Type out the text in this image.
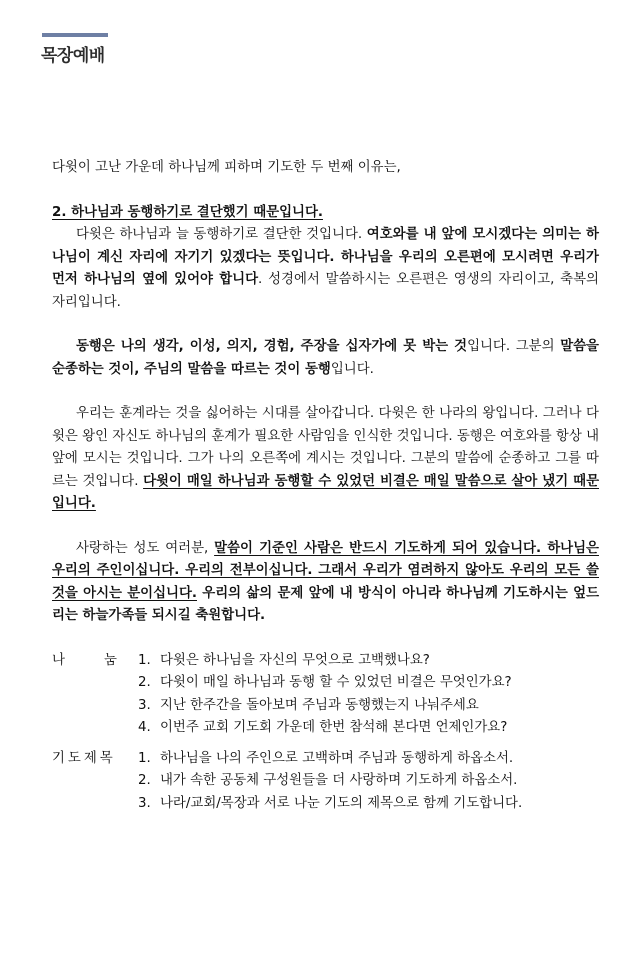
목장예배

다윗이 고난 가운데 하나님께 피하며 기도한 두 번째 이유는,

2. 하나님과 동행하기로 결단했기 때문입니다.

다윗은 하나님과 늘 동행하기로 결단한 것입니다. 여호와를 내 앞에 모시겠다는 의미는 하나님이 계신 자리에 자기기 있겠다는 뜻입니다. 하나님을 우리의 오른편에 모시려면 우리가 먼저 하나님의 옆에 있어야 합니다. 성경에서 말씀하시는 오른편은 영생의 자리이고, 축복의 자리입니다.

동행은 나의 생각, 이성, 의지, 경험, 주장을 십자가에 못 박는 것입니다. 그분의 말씀을 순종하는 것이, 주님의 말씀을 따르는 것이 동행입니다.

우리는 훈계라는 것을 싫어하는 시대를 살아갑니다. 다윗은 한 나라의 왕입니다. 그러나 다윗은 왕인 자신도 하나님의 훈계가 필요한 사람임을 인식한 것입니다. 동행은 여호와를 항상 내 앞에 모시는 것입니다. 그가 나의 오른쪽에 계시는 것입니다. 그분의 말씀에 순종하고 그를 따르는 것입니다. 다윗이 매일 하나님과 동행할 수 있었던 비결은 매일 말씀으로 살아 냈기 때문입니다.

사랑하는 성도 여러분, 말씀이 기준인 사람은 반드시 기도하게 되어 있습니다. 하나님은 우리의 주인이십니다. 우리의 전부이십니다. 그래서 우리가 염려하지 않아도 우리의 모든 쓸 것을 아시는 분이십니다. 우리의 삶의 문제 앞에 내 방식이 아니라 하나님께 기도하시는 엎드리는 하늘가족들 되시길 축원합니다.

나	눔 1. 다윗은 하나님을 자신의 무엇으로 고백했나요?
2. 다윗이 매일 하나님과 동행 할 수 있었던 비결은 무엇인가요?
3. 지난 한주간을 돌아보며 주님과 동행했는지 나눠주세요
4. 이번주 교회 기도회 가운데 한번 참석해 본다면 언제인가요?
기도제목	1. 하나님을 나의 주인으로 고백하며 주님과 동행하게 하옵소서.
2. 내가 속한 공동체 구성원들을 더 사랑하며 기도하게 하옵소서.
3. 나라/교회/목장과 서로 나눈 기도의 제목으로 함께 기도합니다.
